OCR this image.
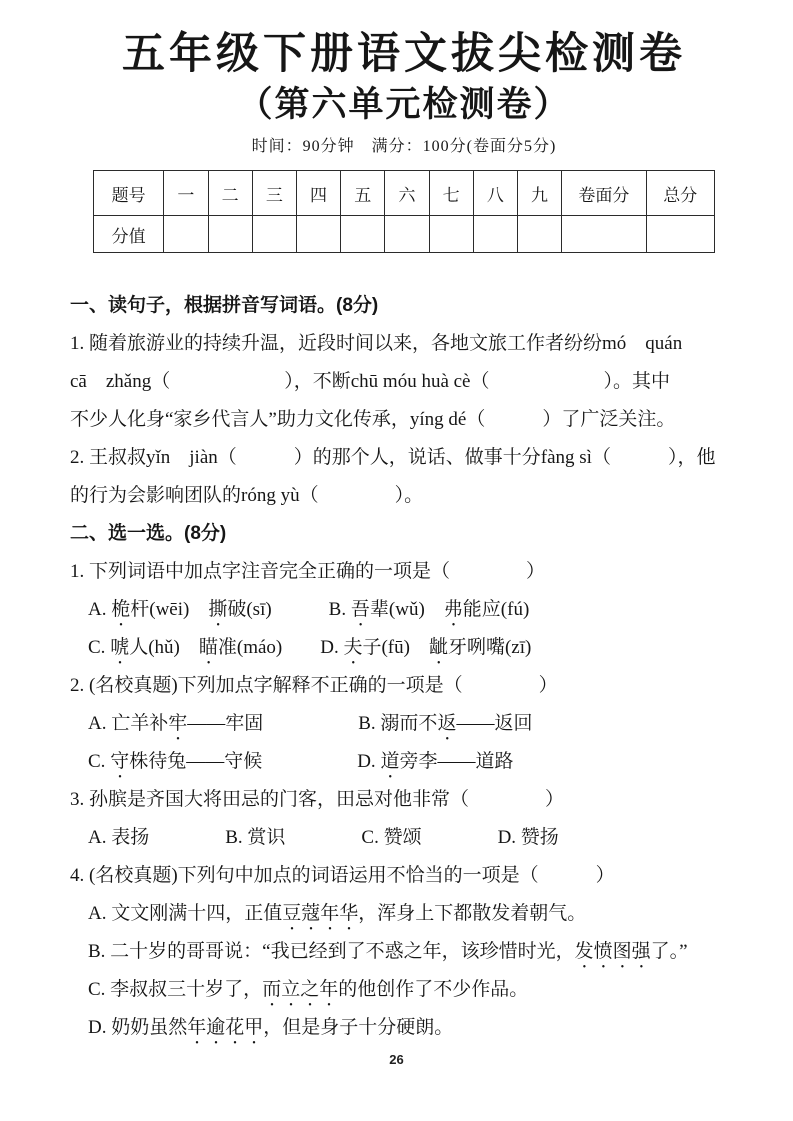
五年级下册语文拔尖检测卷
（第六单元检测卷）
时间：90分钟　满分：100分(卷面分5分)
题号	一	二	三	四	五	六	七	八	九	卷面分	总分
分值											
一、读句子，根据拼音写词语。(8分)
1. 随着旅游业的持续升温，近段时间以来，各地文旅工作者纷纷mó　quán
cā　zhǎng（　　　　　　），不断chū móu huà cè（　　　　　　）。其中
不少人化身“家乡代言人”助力文化传承，yíng dé（　　　）了广泛关注。
2. 王叔叔yǐn　jiàn（　　　）的那个人，说话、做事十分fàng sì（　　　），他
的行为会影响团队的róng yù（　　　　）。
二、选一选。(8分)
1. 下列词语中加点字注音完全正确的一项是（　　　　）
A. 桅杆(wēi)　撕破(sī)　　　B. 吾辈(wǔ)　弗能应(fú)
C. 唬人(hǔ)　瞄准(máo)　　D. 夫子(fū)　龇牙咧嘴(zī)
2. (名校真题)下列加点字解释不正确的一项是（　　　　）
A. 亡羊补牢——牢固　　　　　B. 溺而不返——返回
C. 守株待兔——守候　　　　　D. 道旁李——道路
3. 孙膑是齐国大将田忌的门客，田忌对他非常（　　　　）
A. 表扬　　　　B. 赏识　　　　C. 赞颂　　　　D. 赞扬
4. (名校真题)下列句中加点的词语运用不恰当的一项是（　　　）
A. 文文刚满十四，正值豆蔻年华，浑身上下都散发着朝气。
B. 二十岁的哥哥说：“我已经到了不惑之年，该珍惜时光，发愤图强了。”
C. 李叔叔三十岁了，而立之年的他创作了不少作品。
D. 奶奶虽然年逾花甲，但是身子十分硬朗。
26
